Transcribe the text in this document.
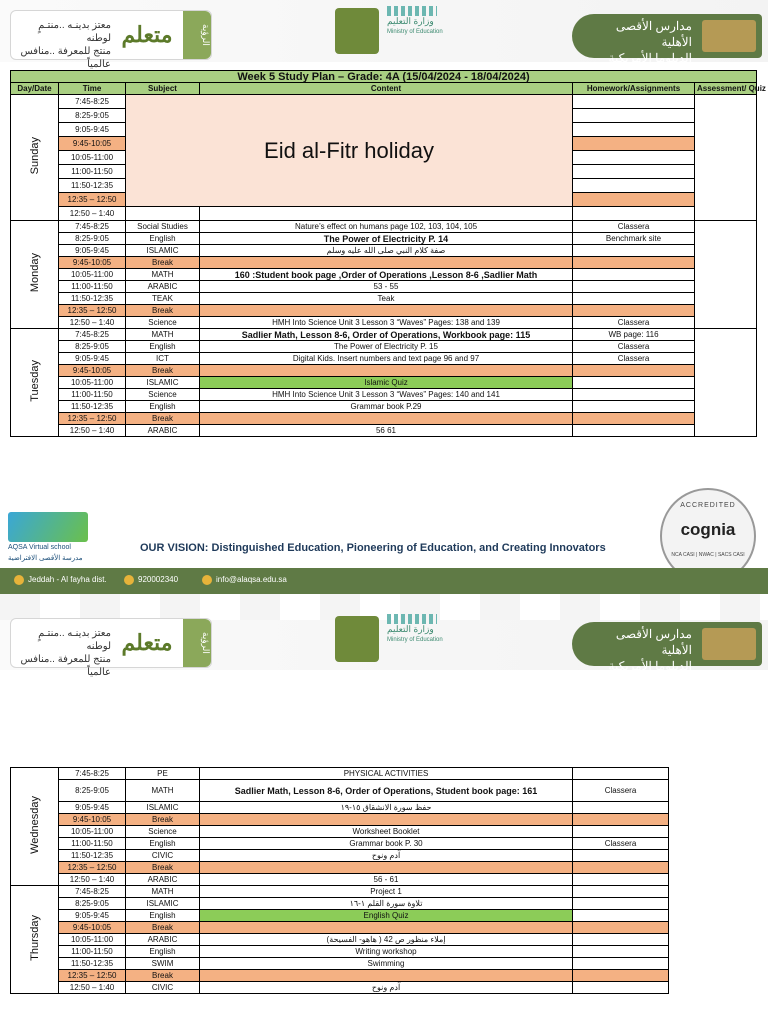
معتز بدينـه ..منتـمٍ لوطنه
منتج للمعرفة ..منافس عالمياً
متعلم	الرؤية
وزارة التعليم
Ministry of Education	مدارس الأقصى الأهلية
الدبلوما الأمريكية
Week 5 Study Plan – Grade: 4A (15/04/2024 - 18/04/2024)					
Day/Date	Time	Subject	Content	Homework/Assignments	Assessment/ Quiz
Sunday	7:45-8:25	Eid al-Fitr holiday			
	8:25-9:05				
	9:05-9:45				
	9:45-10:05				
	10:05-11:00				
	11:00-11:50				
	11:50-12:35				
	12:35 – 12:50				
	12:50 – 1:40				
Monday	7:45-8:25	Social Studies	Nature’s effect on humans page 102, 103, 104, 105	Classera	
	8:25-9:05	English	The Power of Electricity P. 14	Benchmark site	
	9:05-9:45	ISLAMIC	صفة كلام النبي صلى الله عليه وسلم		
	9:45-10:05	Break			
	10:05-11:00	MATH	160 :Student book page ,Order of Operations ,Lesson 8-6 ,Sadlier Math		
	11:00-11:50	ARABIC	53 - 55		
	11:50-12:35	TEAK	Teak		
	12:35 – 12:50	Break			
	12:50 – 1:40	Science	HMH Into Science Unit 3 Lesson 3 “Waves” Pages: 138 and 139	Classera	
Tuesday	7:45-8:25	MATH	Sadlier Math, Lesson 8-6, Order of Operations, Workbook page: 115	WB page: 116	
	8:25-9:05	English	The Power of Electricity P. 15	Classera	
	9:05-9:45	ICT	Digital Kids. Insert numbers and text page 96 and 97	Classera	
	9:45-10:05	Break			
	10:05-11:00	ISLAMIC	Islamic Quiz		
	11:00-11:50	Science	HMH Into Science Unit 3 Lesson 3 “Waves” Pages: 140 and 141		
	11:50-12:35	English	Grammar book P.29		
	12:35 – 12:50	Break			
	12:50 – 1:40	ARABIC	56 61		
AQSA Virtual school
مدرسة الأقصى الافتراضية
OUR VISION: Distinguished Education, Pioneering of Education, and Creating Innovators
ACCREDITED
cognia
NCA CASI | NWAC | SACS CASI
Jeddah - Al fayha dist.	920002340	info@alaqsa.edu.sa
معتز بدينـه ..منتـمٍ لوطنه
منتج للمعرفة ..منافس عالمياً
متعلم	الرؤية
وزارة التعليم
Ministry of Education	مدارس الأقصى الأهلية
الدبلوما الأمريكية
Wednesday	7:45-8:25	PE	PHYSICAL ACTIVITIES	
	8:25-9:05	MATH	Sadlier Math, Lesson 8-6, Order of Operations, Student book page: 161	Classera
	9:05-9:45	ISLAMIC	حفظ سورة الانشقاق ١٥-١٩	
	9:45-10:05	Break		
	10:05-11:00	Science	Worksheet Booklet	
	11:00-11:50	English	Grammar book P. 30	Classera
	11:50-12:35	CIVIC	آدم ونوح	
	12:35 – 12:50	Break		
	12:50 – 1:40	ARABIC	56 - 61	
Thursday	7:45-8:25	MATH	Project 1	
	8:25-9:05	ISLAMIC	تلاوة سورة القلم ١-١٦	
	9:05-9:45	English	English Quiz	
	9:45-10:05	Break		
	10:05-11:00	ARABIC	إملاء منظور ص 42 ( هاهو- الفسيحة)	
	11:00-11:50	English	Writing workshop	
	11:50-12:35	SWIM	Swimming	
	12:35 – 12:50	Break		
	12:50 – 1:40	CIVIC	آدم ونوح	
